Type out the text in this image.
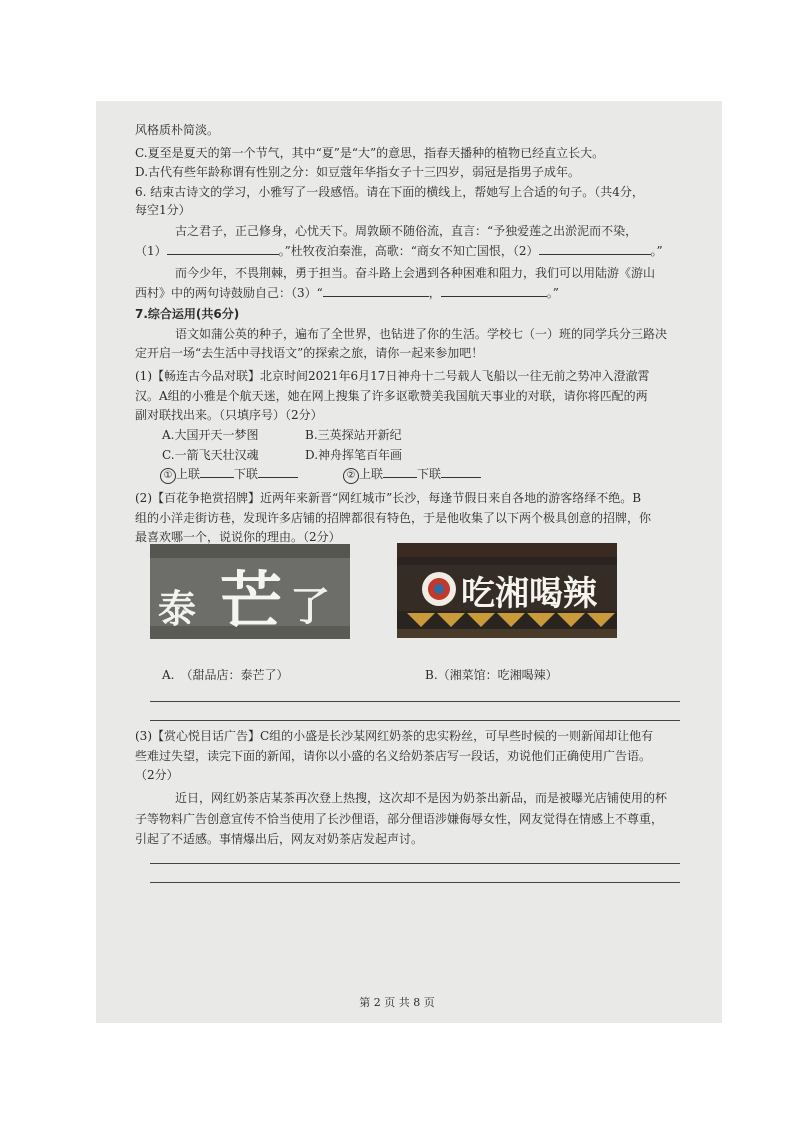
风格质朴简淡。
C.夏至是夏天的第一个节气，其中“夏”是“大”的意思，指春天播种的植物已经直立长大。
D.古代有些年龄称谓有性别之分：如豆蔻年华指女子十三四岁，弱冠是指男子成年。
6. 结束古诗文的学习，小雅写了一段感悟。请在下面的横线上，帮她写上合适的句子。（共4分，
每空1分）
古之君子，正己修身，心忧天下。周敦颐不随俗流，直言：“予独爱莲之出淤泥而不染，
（1）	。”杜牧夜泊秦淮，高歌：“商女不知亡国恨，（2）	。”
而今少年，不畏荆棘，勇于担当。奋斗路上会遇到各种困难和阻力，我们可以用陆游《游山
西村》中的两句诗鼓励自己：（3）“	，	。”
7.综合运用(共6分)
语文如蒲公英的种子，遍布了全世界，也钻进了你的生活。学校七（一）班的同学兵分三路决
定开启一场“去生活中寻找语文”的探索之旅，请你一起来参加吧！
(1)【畅连古今品对联】北京时间2021年6月17日神舟十二号载人飞船以一往无前之势冲入澄澈霄
汉。A组的小雅是个航天迷，她在网上搜集了许多讴歌赞美我国航天事业的对联，请你将匹配的两
副对联找出来。（只填序号）（2分）
A.大国开天一梦图	B.三英探站开新纪
C.一箭飞天壮汉魂	D.神舟挥笔百年画
① 上联	下联	② 上联	下联
(2)【百花争艳赏招牌】近两年来新晋“网红城市”长沙，每逢节假日来自各地的游客络绎不绝。B
组的小洋走街访巷，发现许多店铺的招牌都很有特色，于是他收集了以下两个极具创意的招牌，你
最喜欢哪一个，说说你的理由。（2分）
泰 芒 了	吃湘喝辣
A.　（甜品店：泰芒了）	B.（湘菜馆：吃湘喝辣）
(3)【赏心悦目话广告】C组的小盛是长沙某网红奶茶的忠实粉丝，可早些时候的一则新闻却让他有
些难过失望，读完下面的新闻，请你以小盛的名义给奶茶店写一段话，劝说他们正确使用广告语。
（2分）
近日，网红奶茶店某茶再次登上热搜，这次却不是因为奶茶出新品，而是被曝光店铺使用的杯
子等物料广告创意宣传不恰当使用了长沙俚语，部分俚语涉嫌侮辱女性，网友觉得在情感上不尊重，
引起了不适感。事情爆出后，网友对奶茶店发起声讨。
第 2 页 共 8 页
